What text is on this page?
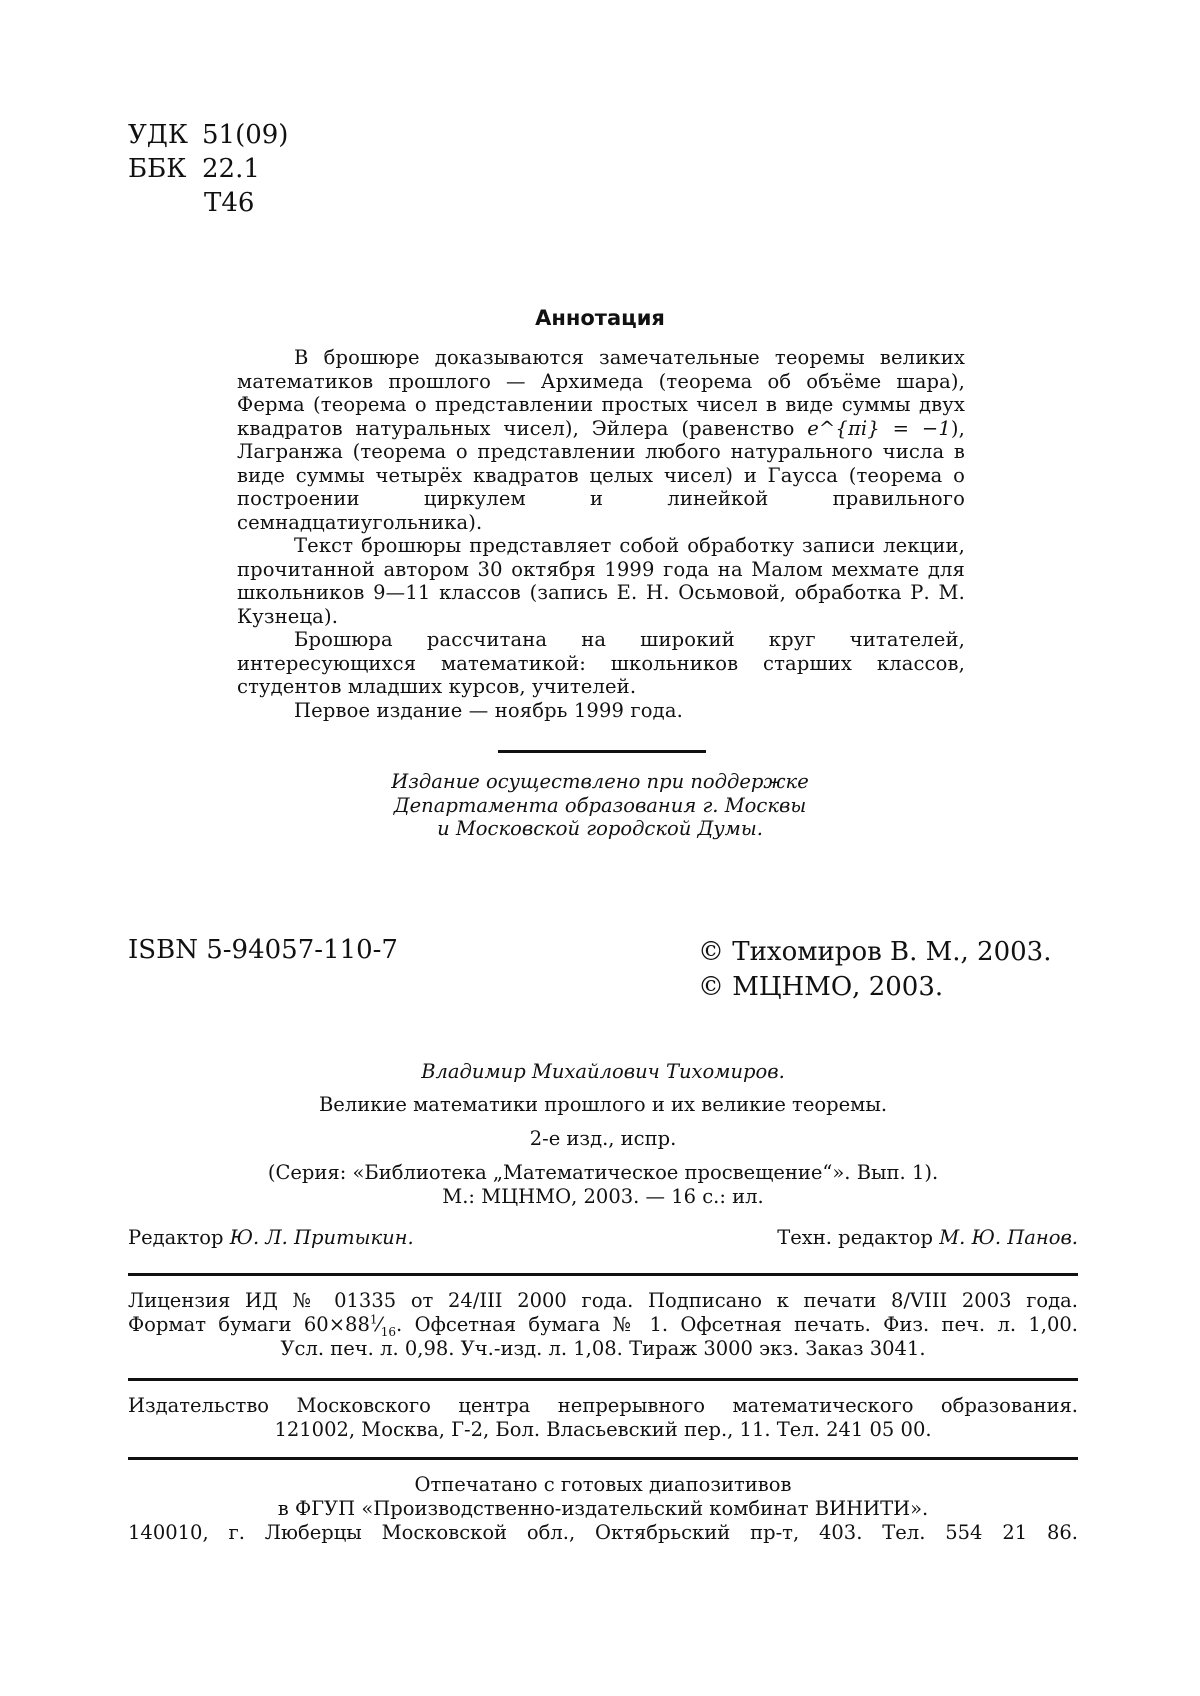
УДК 51(09)
ББК 22.1
Т46
Аннотация

В брошюре доказываются замечательные теоремы великих математиков прошлого — Архимеда (теорема об объёме шара), Ферма (теорема о представлении простых чисел в виде суммы двух квадратов натуральных чисел), Эйлера (равенство e^{πi} = −1), Лагранжа (теорема о представлении любого натурального числа в виде суммы четырёх квадратов целых чисел) и Гаусса (теорема о построении циркулем и линейкой правильного семнадцатиугольника).

Текст брошюры представляет собой обработку записи лекции, прочитанной автором 30 октября 1999 года на Малом мехмате для школьников 9—11 классов (запись Е. Н. Осьмовой, обработка Р. М. Кузнеца).

Брошюра рассчитана на широкий круг читателей, интересующихся математикой: школьников старших классов, студентов младших курсов, учителей.

Первое издание — ноябрь 1999 года.

Издание осуществлено при поддержке
Департамента образования г. Москвы
и Московской городской Думы.
ISBN 5-94057-110-7	© Тихомиров В. М., 2003.
© МЦНМО, 2003.
Владимир Михайлович Тихомиров.
Великие математики прошлого и их великие теоремы.
2-е изд., испр.
(Серия: «Библиотека „Математическое просвещение“». Вып. 1).
М.: МЦНМО, 2003. — 16 с.: ил.
Редактор Ю. Л. Притыкин.	Техн. редактор М. Ю. Панов.
Лицензия ИД № 01335 от 24/III 2000 года. Подписано к печати 8/VIII 2003 года.
Формат бумаги $60\times 88^1⁄_{16}$. Офсетная бумага № 1. Офсетная печать. Физ. печ. л. 1,00.
Усл. печ. л. 0,98. Уч.-изд. л. 1,08. Тираж 3000 экз. Заказ 3041.
Издательство Московского центра непрерывного математического образования.
121002, Москва, Г-2, Бол. Власьевский пер., 11. Тел. 241 05 00.
Отпечатано с готовых диапозитивов
в ФГУП «Производственно-издательский комбинат ВИНИТИ».
140010, г. Люберцы Московской обл., Октябрьский пр-т, 403. Тел. 554 21 86.
